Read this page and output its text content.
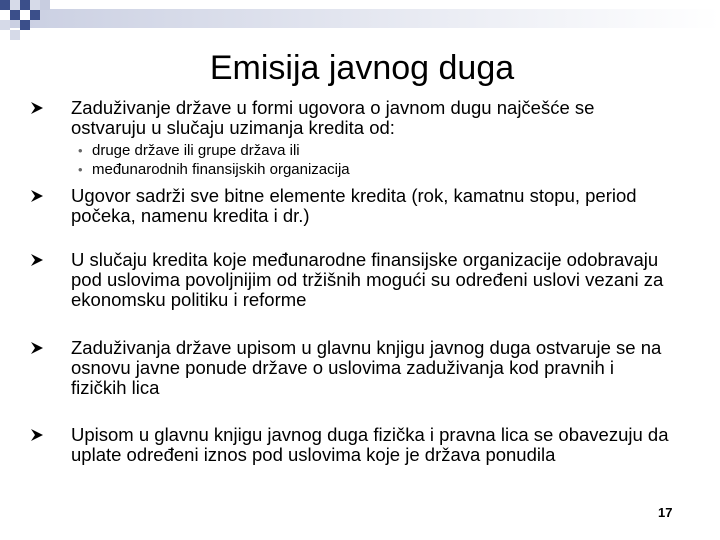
Emisija javnog duga
Zaduživanje države u formi ugovora o javnom dugu najčešće se ostvaruju u slučaju uzimanja kredita od:
• druge države ili grupe država ili
• međunarodnih finansijskih organizacija
Ugovor sadrži sve bitne elemente kredita (rok, kamatnu stopu, period počeka, namenu kredita i dr.)
U slučaju kredita koje međunarodne finansijske organizacije odobravaju pod uslovima povoljnijim od tržišnih mogući su određeni uslovi vezani za ekonomsku politiku i reforme
Zaduživanja države upisom u glavnu knjigu javnog duga ostvaruje se na osnovu javne ponude države o uslovima zaduživanja kod pravnih i fizičkih lica
Upisom u glavnu knjigu javnog duga fizička i pravna lica se obavezuju da uplate određeni iznos pod uslovima koje je država ponudila
17
